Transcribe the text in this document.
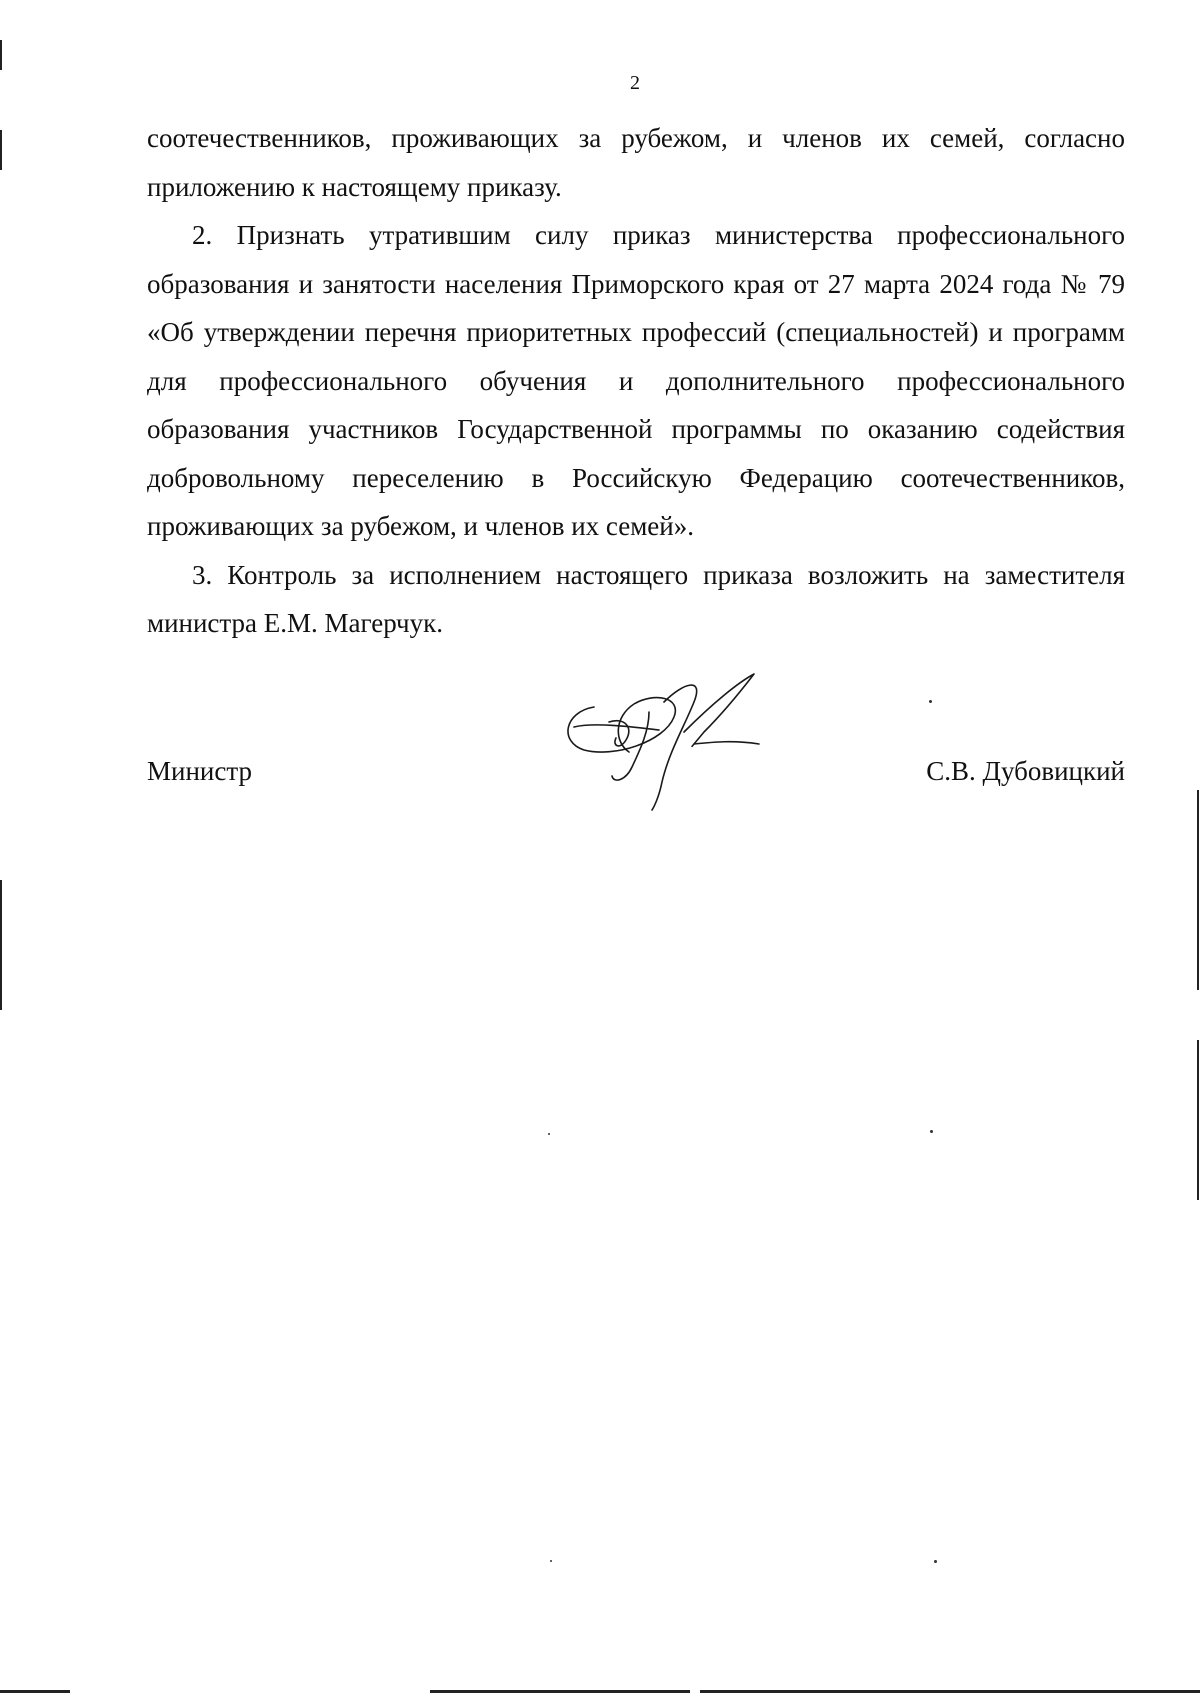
2

соотечественников, проживающих за рубежом, и членов их семей, согласно приложению к настоящему приказу.

2. Признать утратившим силу приказ министерства профессионального образования и занятости населения Приморского края от 27 марта 2024 года № 79 «Об утверждении перечня приоритетных профессий (специальностей) и программ для профессионального обучения и дополнительного профессионального образования участников Государственной программы по оказанию содействия добровольному переселению в Российскую Федерацию соотечественников, проживающих за рубежом, и членов их семей».

3. Контроль за исполнением настоящего приказа возложить на заместителя министра Е.М. Магерчук.

Министр	С.В. Дубовицкий
